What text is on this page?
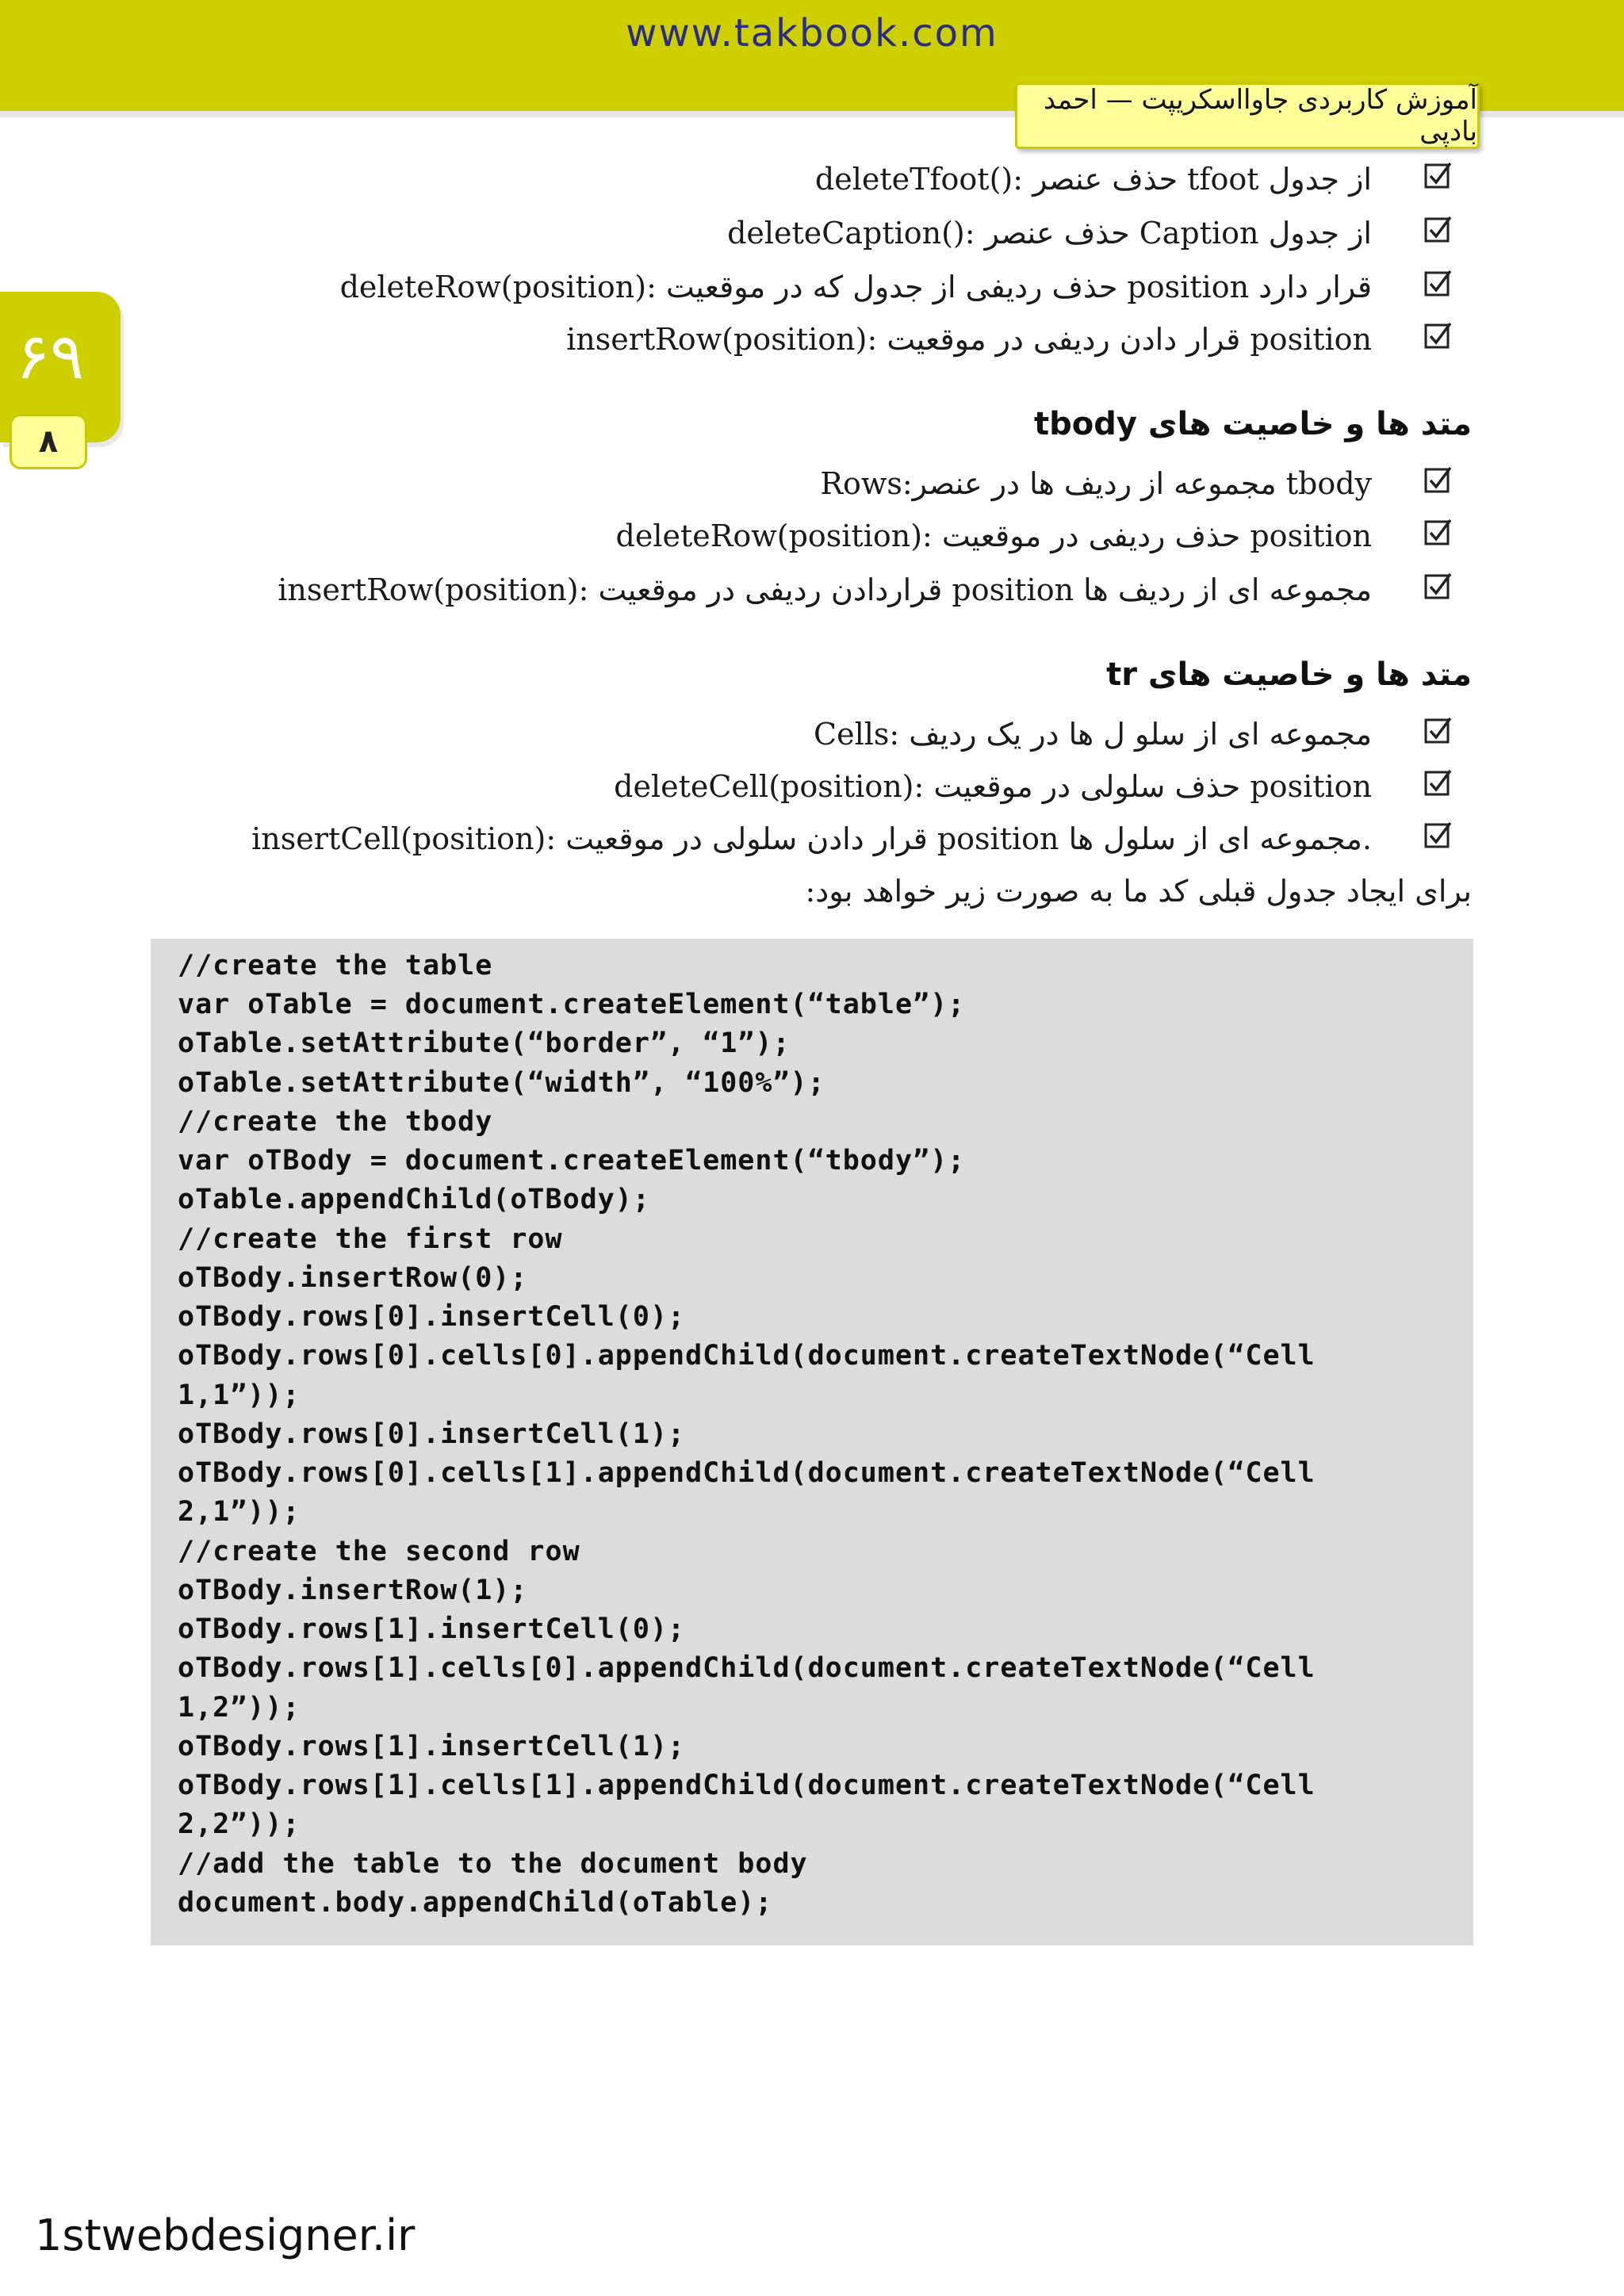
www.takbook.com
آموزش کاربردی جاوااسکریپت — احمد بادپی
۶۹
۸
deleteTfoot(): حذف عنصر tfoot از جدول
deleteCaption(): حذف عنصر Caption از جدول
deleteRow(position): حذف ردیفی از جدول که در موقعیت position قرار دارد
insertRow(position): قرار دادن ردیفی در موقعیت position
متد ها و خاصیت های tbody
Rows:مجموعه از ردیف ها در عنصر tbody
deleteRow(position): حذف ردیفی در موقعیت position
insertRow(position): قراردادن ردیفی در موقعیت position مجموعه ای از ردیف ها
متد ها و خاصیت های tr
Cells: مجموعه ای از سلو ل ها در یک ردیف
deleteCell(position): حذف سلولی در موقعیت position
insertCell(position): قرار دادن سلولی در موقعیت position مجموعه ای از سلول ها.
برای ایجاد جدول قبلی کد ما به صورت زیر خواهد بود:
//create the table
var oTable = document.createElement(“table”);
oTable.setAttribute(“border”, “1”);
oTable.setAttribute(“width”, “100%”);
//create the tbody
var oTBody = document.createElement(“tbody”);
oTable.appendChild(oTBody);
//create the first row
oTBody.insertRow(0);
oTBody.rows[0].insertCell(0);
oTBody.rows[0].cells[0].appendChild(document.createTextNode(“Cell
1,1”));
oTBody.rows[0].insertCell(1);
oTBody.rows[0].cells[1].appendChild(document.createTextNode(“Cell
2,1”));
//create the second row
oTBody.insertRow(1);
oTBody.rows[1].insertCell(0);
oTBody.rows[1].cells[0].appendChild(document.createTextNode(“Cell
1,2”));
oTBody.rows[1].insertCell(1);
oTBody.rows[1].cells[1].appendChild(document.createTextNode(“Cell
2,2”));
//add the table to the document body
document.body.appendChild(oTable);
1stwebdesigner.ir
